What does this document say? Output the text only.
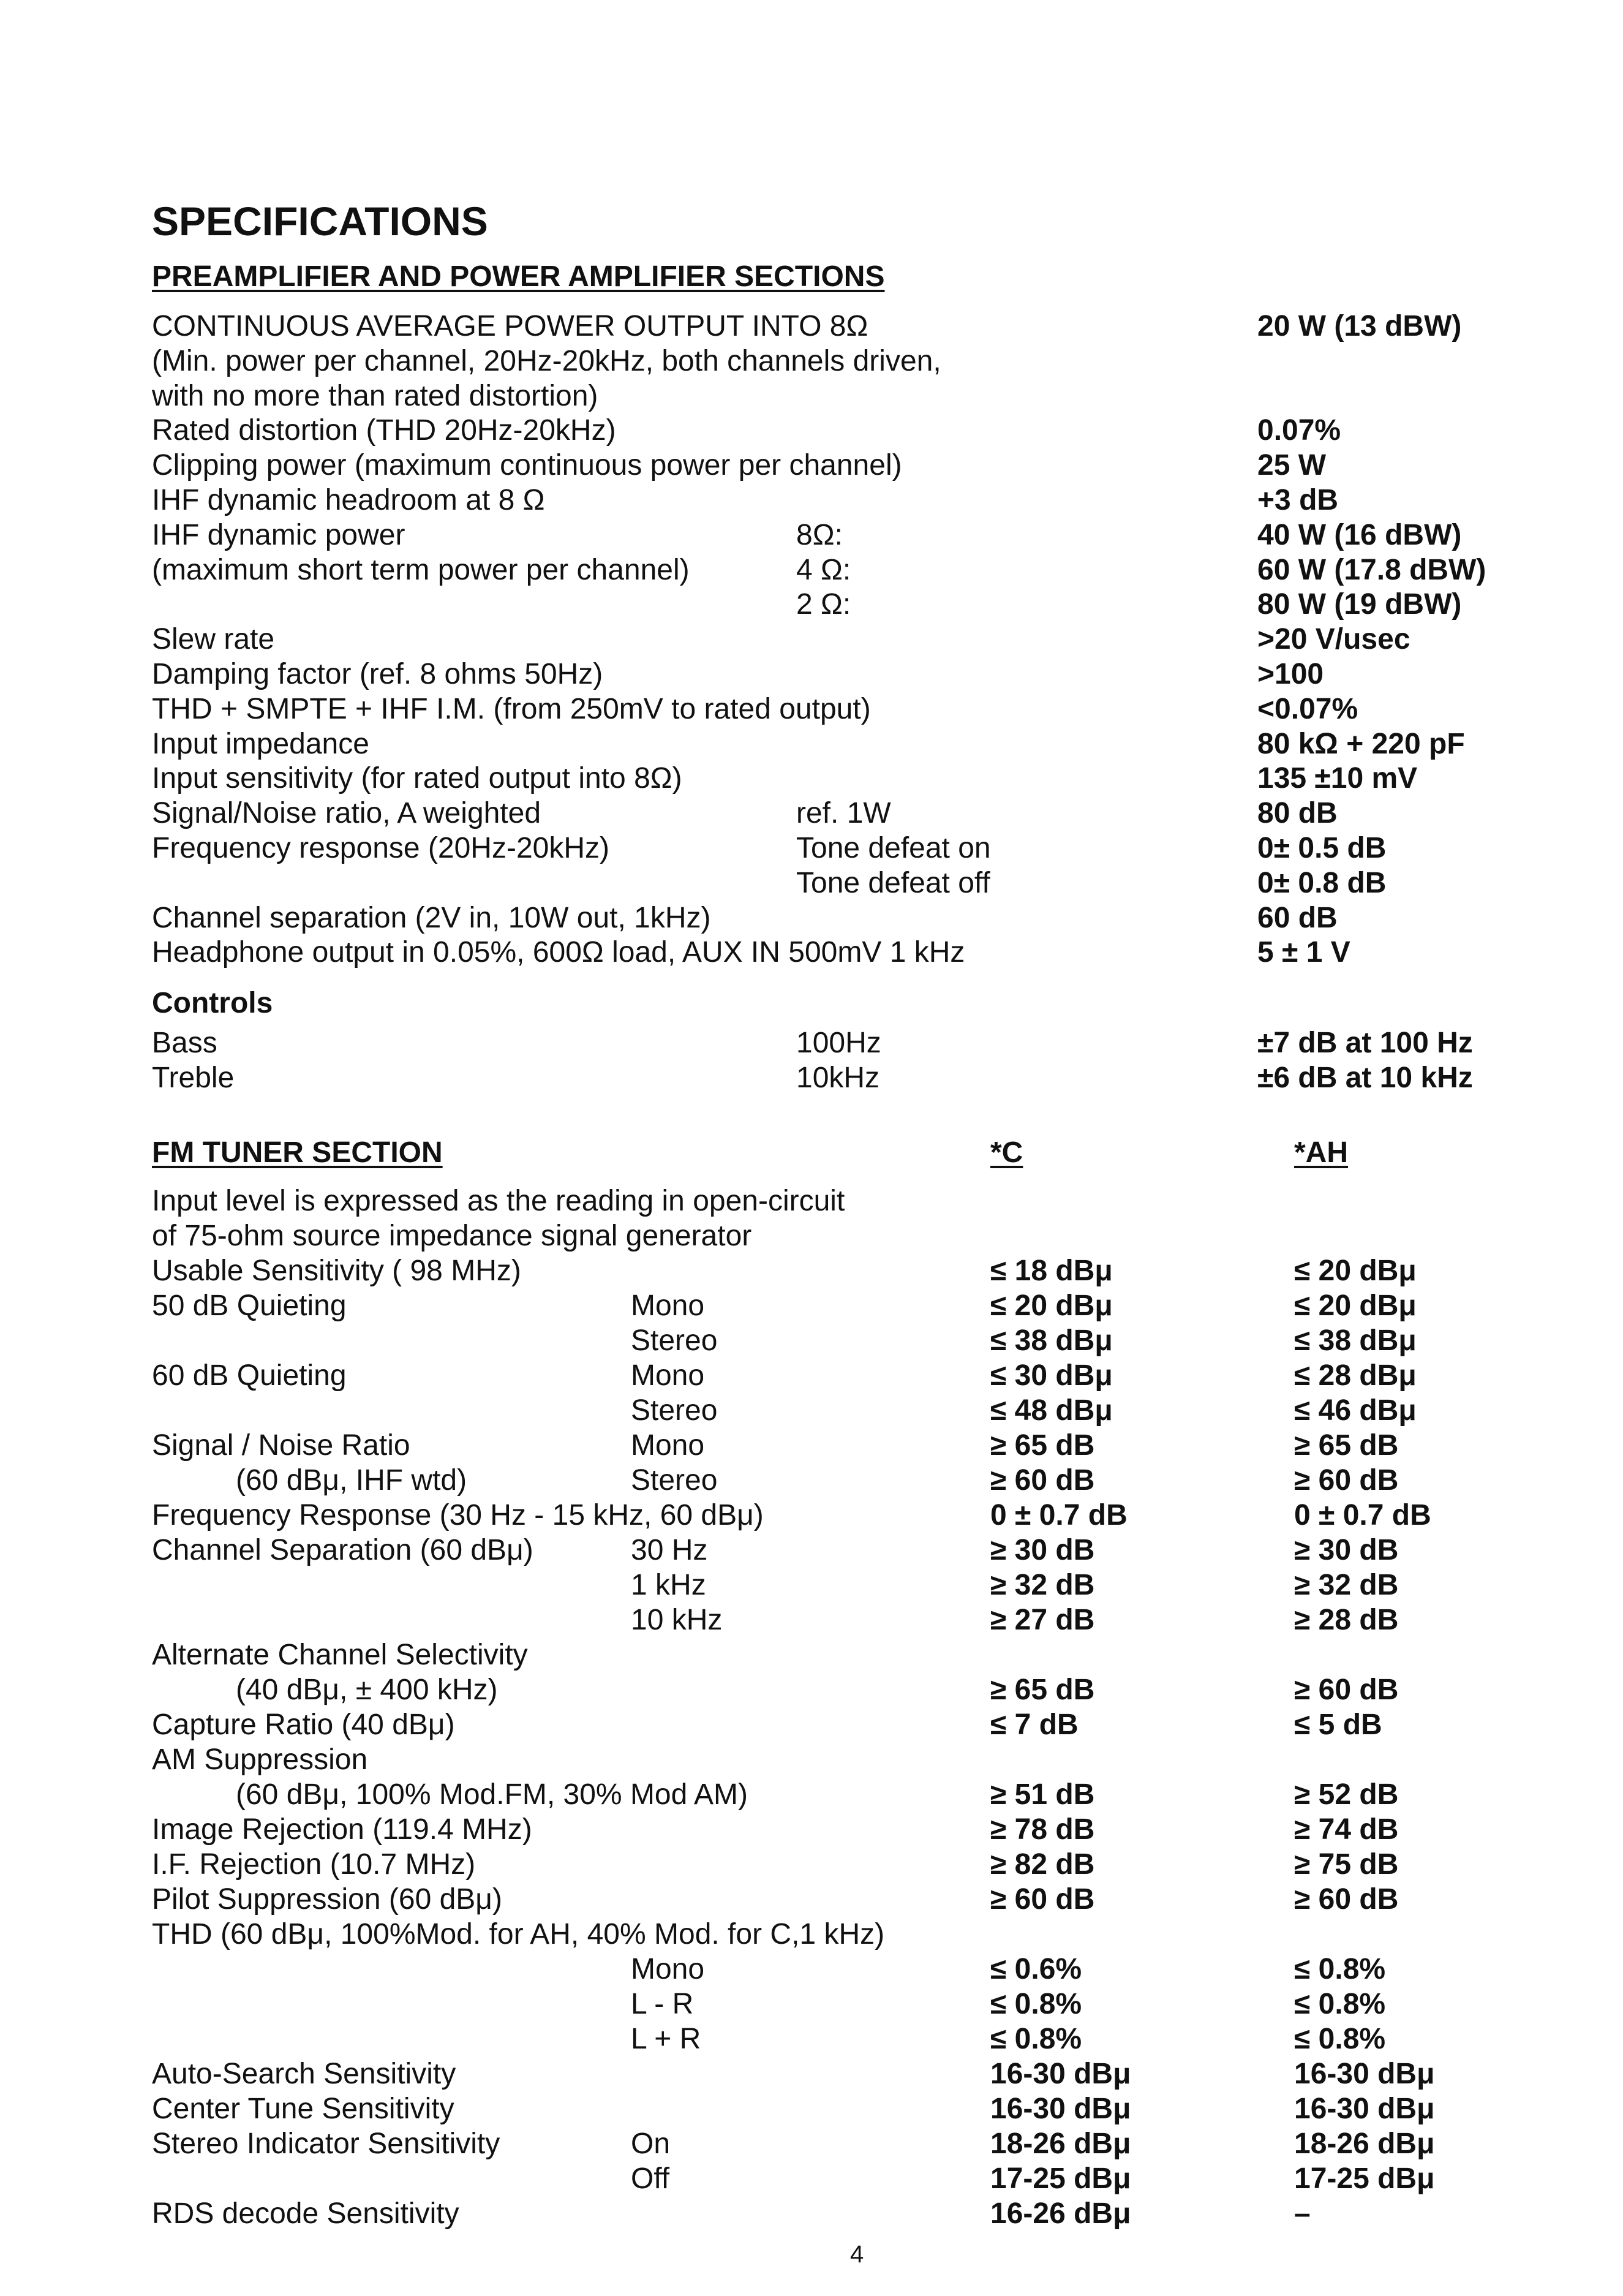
SPECIFICATIONS
PREAMPLIFIER AND POWER AMPLIFIER SECTIONS
CONTINUOUS AVERAGE POWER OUTPUT INTO 8Ω	20 W (13 dBW)
(Min. power per channel, 20Hz-20kHz, both channels driven,
with no more than rated distortion)
Rated distortion (THD 20Hz-20kHz)	0.07%
Clipping power (maximum continuous power per channel)	25 W
IHF dynamic headroom at 8 Ω	+3 dB
IHF dynamic power	8Ω:	40 W (16 dBW)
(maximum short term power per channel)	4 Ω:	60 W (17.8 dBW)
2 Ω:	80 W (19 dBW)
Slew rate	>20 V/usec
Damping factor (ref. 8 ohms 50Hz)	>100
THD + SMPTE + IHF I.M. (from 250mV to rated output)	<0.07%
Input impedance	80 kΩ + 220 pF
Input sensitivity (for rated output into 8Ω)	135 ±10 mV
Signal/Noise ratio, A weighted	ref. 1W	80 dB
Frequency response (20Hz-20kHz)	Tone defeat on	0± 0.5 dB
Tone defeat off	0± 0.8 dB
Channel separation (2V in, 10W out, 1kHz)	60 dB
Headphone output in 0.05%, 600Ω load, AUX IN 500mV 1 kHz	5 ± 1 V
Controls
Bass	100Hz	±7 dB at 100 Hz
Treble	10kHz	±6 dB at 10 kHz
FM TUNER SECTION	*C	*AH
Input level is expressed as the reading in open-circuit
of 75-ohm source impedance signal generator
Usable Sensitivity ( 98 MHz)	≤ 18 dBμ	≤ 20 dBμ
50 dB Quieting	Mono	≤ 20 dBμ	≤ 20 dBμ
Stereo	≤ 38 dBμ	≤ 38 dBμ
60 dB Quieting	Mono	≤ 30 dBμ	≤ 28 dBμ
Stereo	≤ 48 dBμ	≤ 46 dBμ
Signal / Noise Ratio	Mono	≥ 65 dB	≥ 65 dB
(60 dBμ, IHF wtd)	Stereo	≥ 60 dB	≥ 60 dB
Frequency Response (30 Hz - 15 kHz, 60 dBμ)	0 ± 0.7 dB	0 ± 0.7 dB
Channel Separation (60 dBμ)	30 Hz	≥ 30 dB	≥ 30 dB
1 kHz	≥ 32 dB	≥ 32 dB
10 kHz	≥ 27 dB	≥ 28 dB
Alternate Channel Selectivity
(40 dBμ, ± 400 kHz)	≥ 65 dB	≥ 60 dB
Capture Ratio (40 dBμ)	≤ 7 dB	≤ 5 dB
AM Suppression
(60 dBμ, 100% Mod.FM, 30% Mod AM)	≥ 51 dB	≥ 52 dB
Image Rejection (119.4 MHz)	≥ 78 dB	≥ 74 dB
I.F. Rejection (10.7 MHz)	≥ 82 dB	≥ 75 dB
Pilot Suppression (60 dBμ)	≥ 60 dB	≥ 60 dB
THD (60 dBμ, 100%Mod. for AH, 40% Mod. for C,1 kHz)
Mono	≤ 0.6%	≤ 0.8%
L - R	≤ 0.8%	≤ 0.8%
L + R	≤ 0.8%	≤ 0.8%
Auto-Search Sensitivity	16-30 dBμ	16-30 dBμ
Center Tune Sensitivity	16-30 dBμ	16-30 dBμ
Stereo Indicator Sensitivity	On	18-26 dBμ	18-26 dBμ
Off	17-25 dBμ	17-25 dBμ
RDS decode Sensitivity	16-26 dBμ	–
4
